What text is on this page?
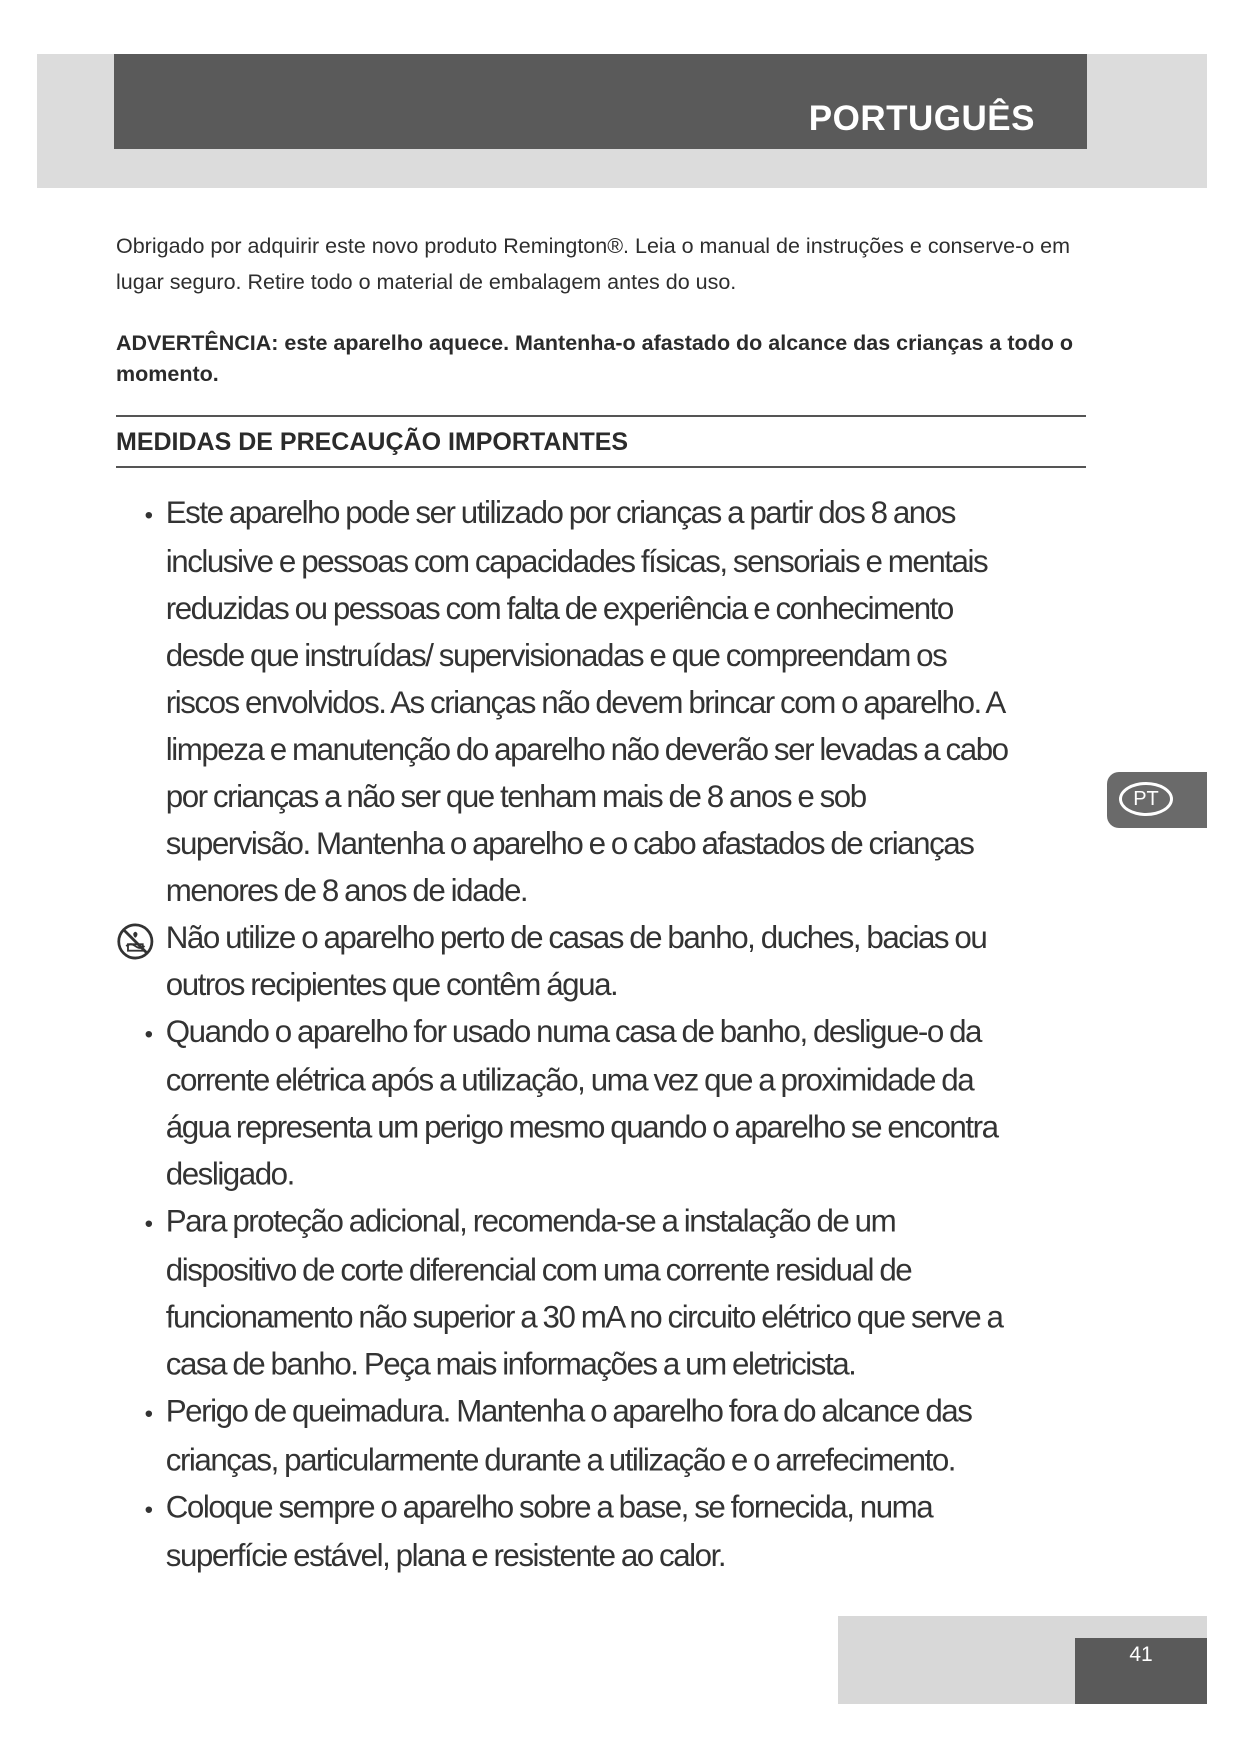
PORTUGUÊS
Obrigado por adquirir este novo produto Remington®. Leia o manual de instruções e conserve-o em lugar seguro. Retire todo o material de embalagem antes do uso.
ADVERTÊNCIA: este aparelho aquece. Mantenha-o afastado do alcance das crianças a todo o momento.
MEDIDAS DE PRECAUÇÃO IMPORTANTES
• Este aparelho pode ser utilizado por crianças a partir dos 8 anos inclusive e pessoas com capacidades físicas, sensoriais e mentais reduzidas ou pessoas com falta de experiência e conhecimento desde que instruídas/ supervisionadas e que compreendam os riscos envolvidos. As crianças não devem brincar com o aparelho. A limpeza e manutenção do aparelho não deverão ser levadas a cabo por crianças a não ser que tenham mais de 8 anos e sob supervisão. Mantenha o aparelho e o cabo afastados de crianças menores de 8 anos de idade.
Não utilize o aparelho perto de casas de banho, duches, bacias ou outros recipientes que contêm água.
• Quando o aparelho for usado numa casa de banho, desligue-o da corrente elétrica após a utilização, uma vez que a proximidade da água representa um perigo mesmo quando o aparelho se encontra desligado.
• Para proteção adicional, recomenda-se a instalação de um dispositivo de corte diferencial com uma corrente residual de funcionamento não superior a 30 mA no circuito elétrico que serve a casa de banho. Peça mais informações a um eletricista.
• Perigo de queimadura. Mantenha o aparelho fora do alcance das crianças, particularmente durante a utilização e o arrefecimento.
• Coloque sempre o aparelho sobre a base, se fornecida, numa superfície estável, plana e resistente ao calor.
PT
41
